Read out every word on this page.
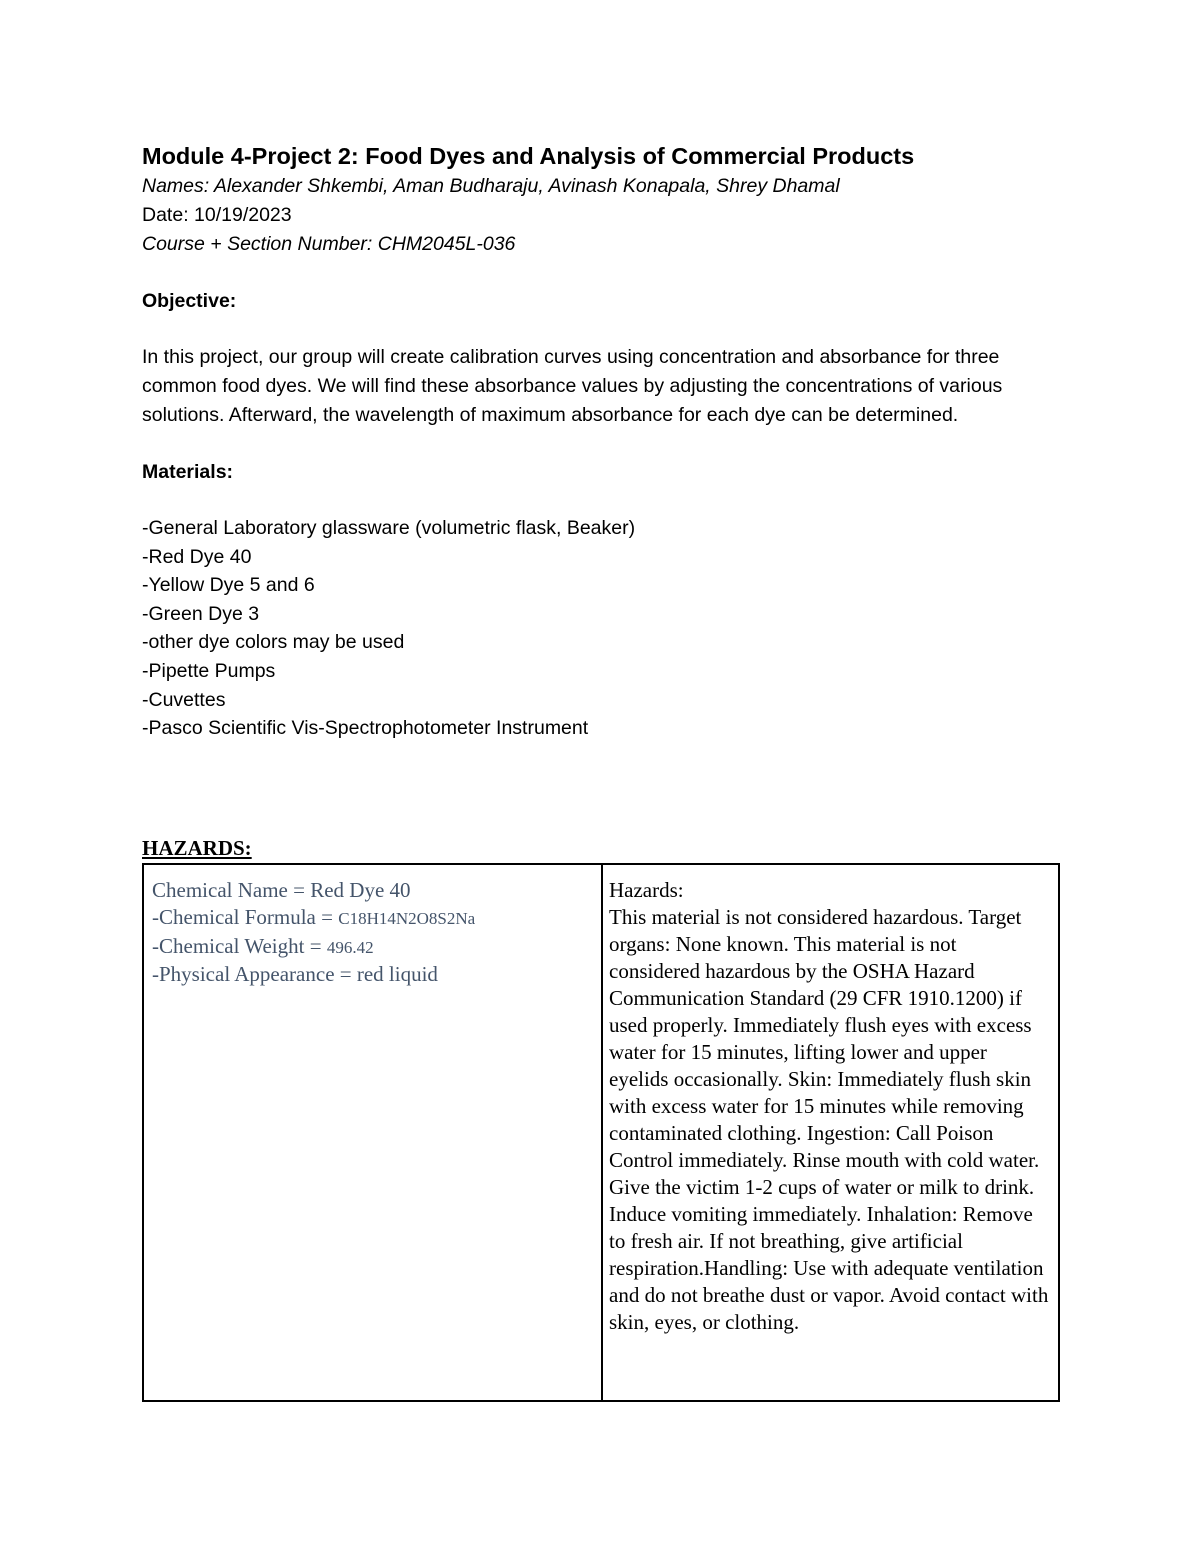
Module 4-Project 2: Food Dyes and Analysis of Commercial Products

Names: Alexander Shkembi, Aman Budharaju, Avinash Konapala, Shrey Dhamal

Date: 10/19/2023

Course + Section Number: CHM2045L-036

Objective:

In this project, our group will create calibration curves using concentration and absorbance for three common food dyes. We will find these absorbance values by adjusting the concentrations of various solutions. Afterward, the wavelength of maximum absorbance for each dye can be determined.

Materials:
-General Laboratory glassware (volumetric flask, Beaker)
-Red Dye 40
-Yellow Dye 5 and 6
-Green Dye 3
-other dye colors may be used
-Pipette Pumps
-Cuvettes
-Pasco Scientific Vis-Spectrophotometer Instrument
HAZARDS:
Chemical Name = Red Dye 40
-Chemical Formula = C18H14N2O8S2Na
-Chemical Weight = 496.42
-Physical Appearance = red liquid

Hazards:

This material is not considered hazardous. Target organs: None known. This material is not considered hazardous by the OSHA Hazard Communication Standard (29 CFR 1910.1200) if used properly. Immediately flush eyes with excess water for 15 minutes, lifting lower and upper eyelids occasionally. Skin: Immediately flush skin with excess water for 15 minutes while removing contaminated clothing. Ingestion: Call Poison Control immediately. Rinse mouth with cold water. Give the victim 1-2 cups of water or milk to drink. Induce vomiting immediately. Inhalation: Remove to fresh air. If not breathing, give artificial respiration.Handling: Use with adequate ventilation and do not breathe dust or vapor. Avoid contact with skin, eyes, or clothing.
